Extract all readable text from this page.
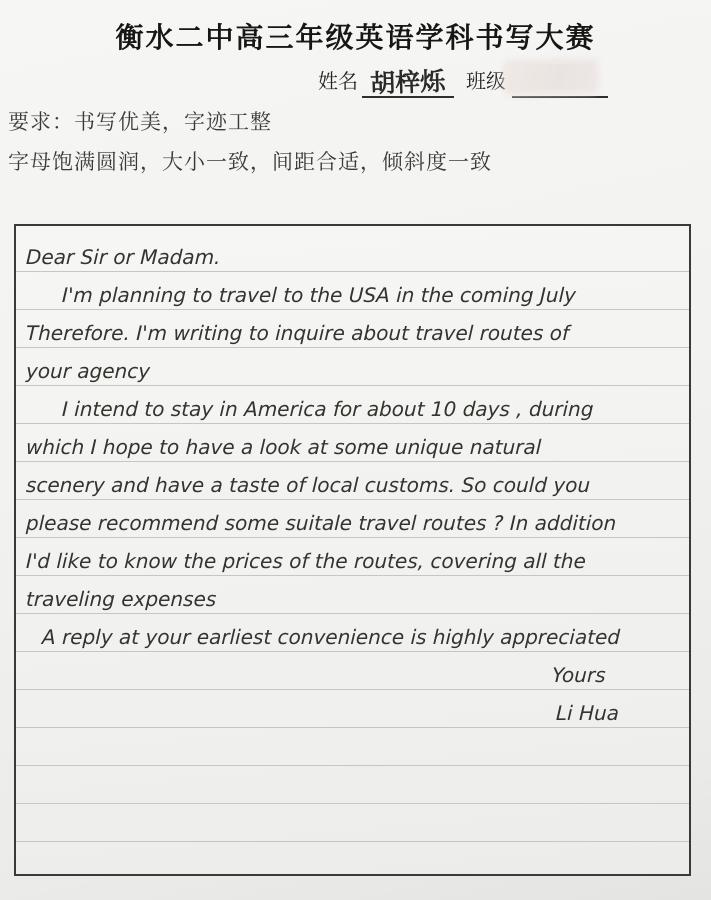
衡水二中高三年级英语学科书写大赛
姓名 胡梓烁 班级
要求：书写优美，字迹工整
字母饱满圆润，大小一致，间距合适，倾斜度一致
Dear Sir or Madam.
I'm planning to travel to the USA in the coming July
Therefore. I'm writing to inquire about travel routes of
your agency
I intend to stay in America for about 10 days , during
which I hope to have a look at some unique natural
scenery and have a taste of local customs. So could you
please recommend some suitale travel routes ? In addition
I'd like to know the prices of the routes, covering all the
traveling expenses
A reply at your earliest convenience is highly appreciated
Yours
Li Hua
